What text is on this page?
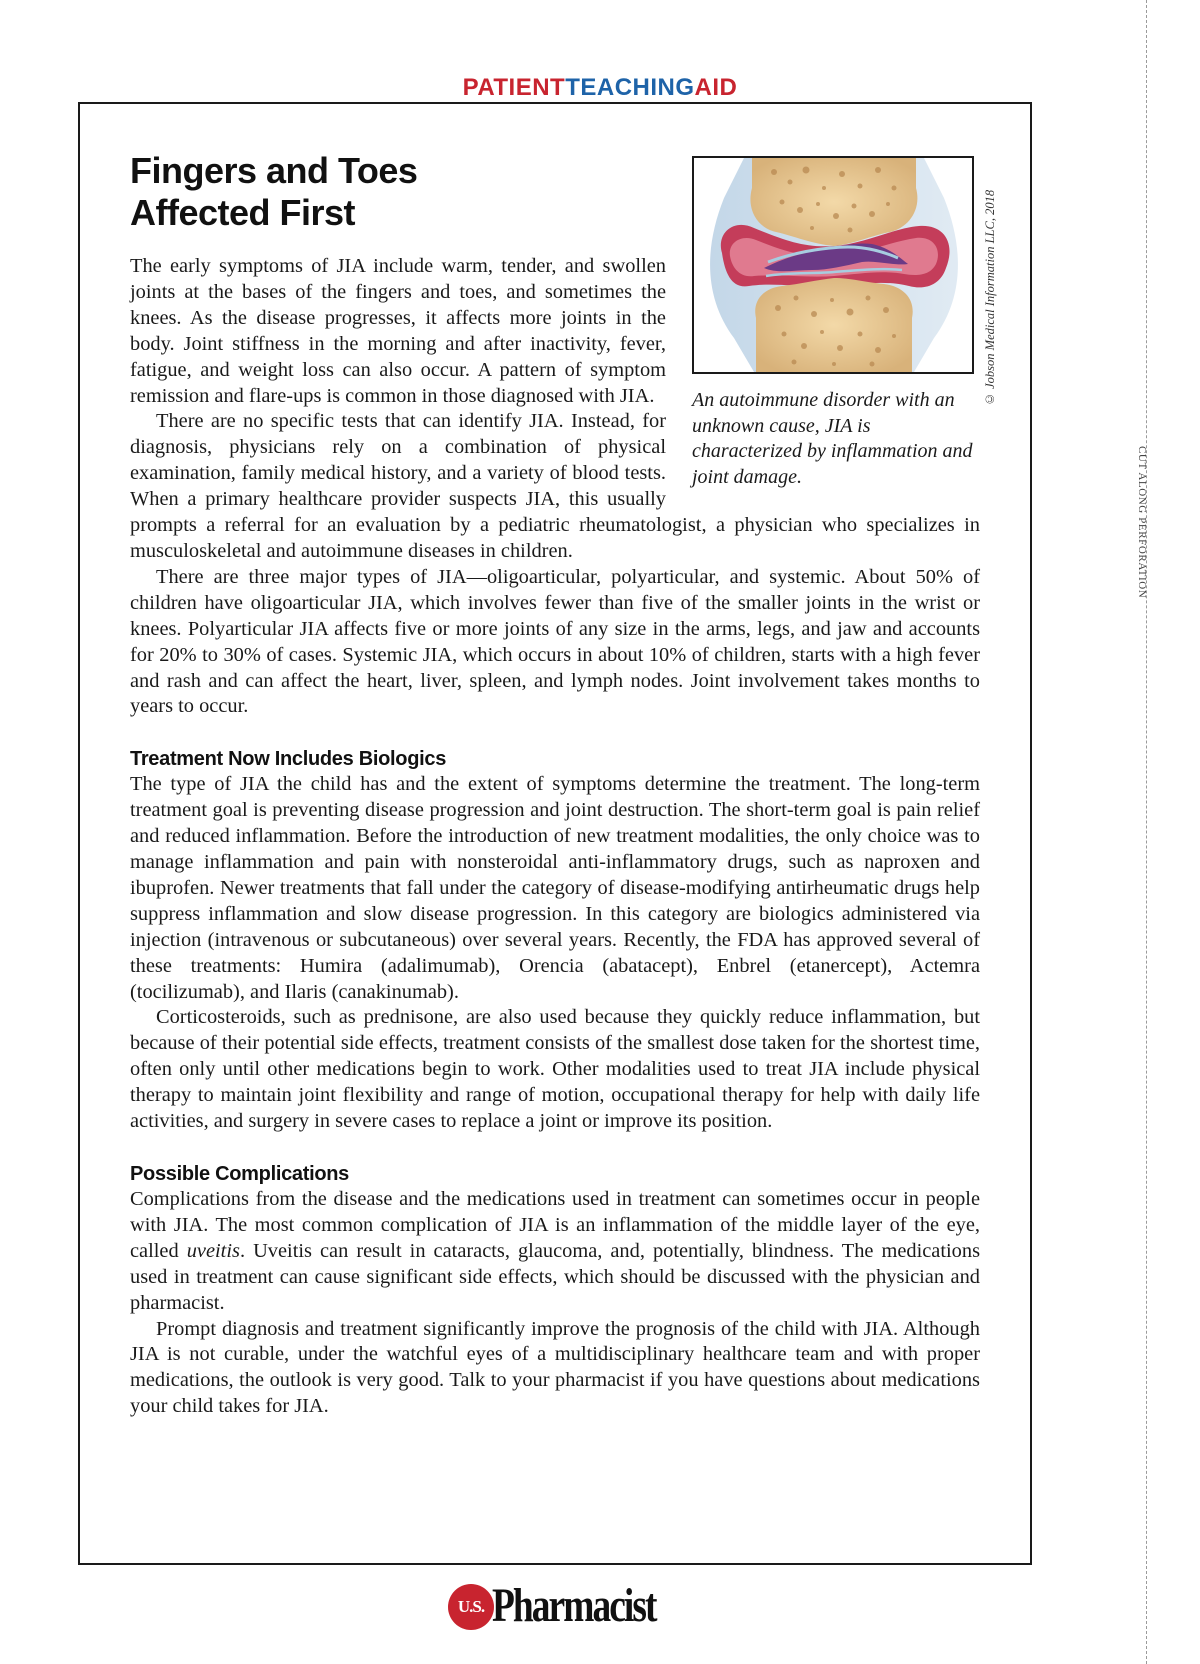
CUT ALONG PERFORATION
PATIENTTEACHINGAID
© Jobson Medical Information LLC, 2018
An autoimmune disorder with an unknown cause, JIA is characterized by inflammation and joint damage.
Fingers and Toes
Affected First

The early symptoms of JIA include warm, tender, and swollen joints at the bases of the fingers and toes, and sometimes the knees. As the disease progresses, it affects more joints in the body. Joint stiffness in the morning and after inactivity, fever, fatigue, and weight loss can also occur. A pattern of symptom remission and flare-ups is common in those diagnosed with JIA.

There are no specific tests that can identify JIA. Instead, for diagnosis, physicians rely on a combination of physical examination, family medical history, and a variety of blood tests. When a primary healthcare provider suspects JIA, this usually prompts a referral for an evaluation by a pediatric rheumatologist, a physician who specializes in musculoskeletal and autoimmune diseases in children.

There are three major types of JIA—oligoarticular, polyarticular, and systemic. About 50% of children have oligoarticular JIA, which involves fewer than five of the smaller joints in the wrist or knees. Polyarticular JIA affects five or more joints of any size in the arms, legs, and jaw and accounts for 20% to 30% of cases. Systemic JIA, which occurs in about 10% of children, starts with a high fever and rash and can affect the heart, liver, spleen, and lymph nodes. Joint involvement takes months to years to occur.

Treatment Now Includes Biologics

The type of JIA the child has and the extent of symptoms determine the treatment. The long-term treatment goal is preventing disease progression and joint destruction. The short-term goal is pain relief and reduced inflammation. Before the introduction of new treatment modalities, the only choice was to manage inflammation and pain with nonsteroidal anti-inflammatory drugs, such as naproxen and ibuprofen. Newer treatments that fall under the category of disease-modifying antirheumatic drugs help suppress inflammation and slow disease progression. In this category are biologics administered via injection (intravenous or subcutaneous) over several years. Recently, the FDA has approved several of these treatments: Humira (adalimumab), Orencia (abatacept), Enbrel (etanercept), Actemra (tocilizumab), and Ilaris (canakinumab).

Corticosteroids, such as prednisone, are also used because they quickly reduce inflammation, but because of their potential side effects, treatment consists of the smallest dose taken for the shortest time, often only until other medications begin to work. Other modalities used to treat JIA include physical therapy to maintain joint flexibility and range of motion, occupational therapy for help with daily life activities, and surgery in severe cases to replace a joint or improve its position.

Possible Complications

Complications from the disease and the medications used in treatment can sometimes occur in people with JIA. The most common complication of JIA is an inflammation of the middle layer of the eye, called uveitis. Uveitis can result in cataracts, glaucoma, and, potentially, blindness. The medications used in treatment can cause significant side effects, which should be discussed with the physician and pharmacist.

Prompt diagnosis and treatment significantly improve the prognosis of the child with JIA. Although JIA is not curable, under the watchful eyes of a multidisciplinary healthcare team and with proper medications, the outlook is very good. Talk to your pharmacist if you have questions about medications your child takes for JIA.

U.S. Pharmacist
